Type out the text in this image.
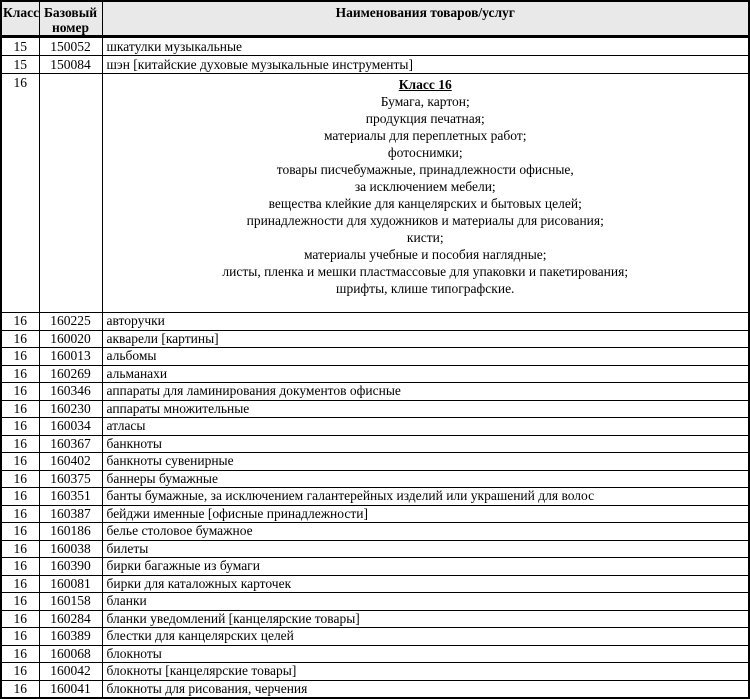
Класс	Базовый номер	Наименования товаров/услуг
15	150052	шкатулки музыкальные
15	150084	шэн [китайские духовые музыкальные инструменты]
16		Класс 16
Бумага, картон;
продукция печатная;
материалы для переплетных работ;
фотоснимки;
товары писчебумажные, принадлежности офисные,
за исключением мебели;
вещества клейкие для канцелярских и бытовых целей;
принадлежности для художников и материалы для рисования;
кисти;
материалы учебные и пособия наглядные;
листы, пленка и мешки пластмассовые для упаковки и пакетирования;
шрифты, клише типографские.

16	160225	авторучки
16	160020	акварели [картины]
16	160013	альбомы
16	160269	альманахи
16	160346	аппараты для ламинирования документов офисные
16	160230	аппараты множительные
16	160034	атласы
16	160367	банкноты
16	160402	банкноты сувенирные
16	160375	баннеры бумажные
16	160351	банты бумажные, за исключением галантерейных изделий или украшений для волос
16	160387	бейджи именные [офисные принадлежности]
16	160186	белье столовое бумажное
16	160038	билеты
16	160390	бирки багажные из бумаги
16	160081	бирки для каталожных карточек
16	160158	бланки
16	160284	бланки уведомлений [канцелярские товары]
16	160389	блестки для канцелярских целей
16	160068	блокноты
16	160042	блокноты [канцелярские товары]
16	160041	блокноты для рисования, черчения
